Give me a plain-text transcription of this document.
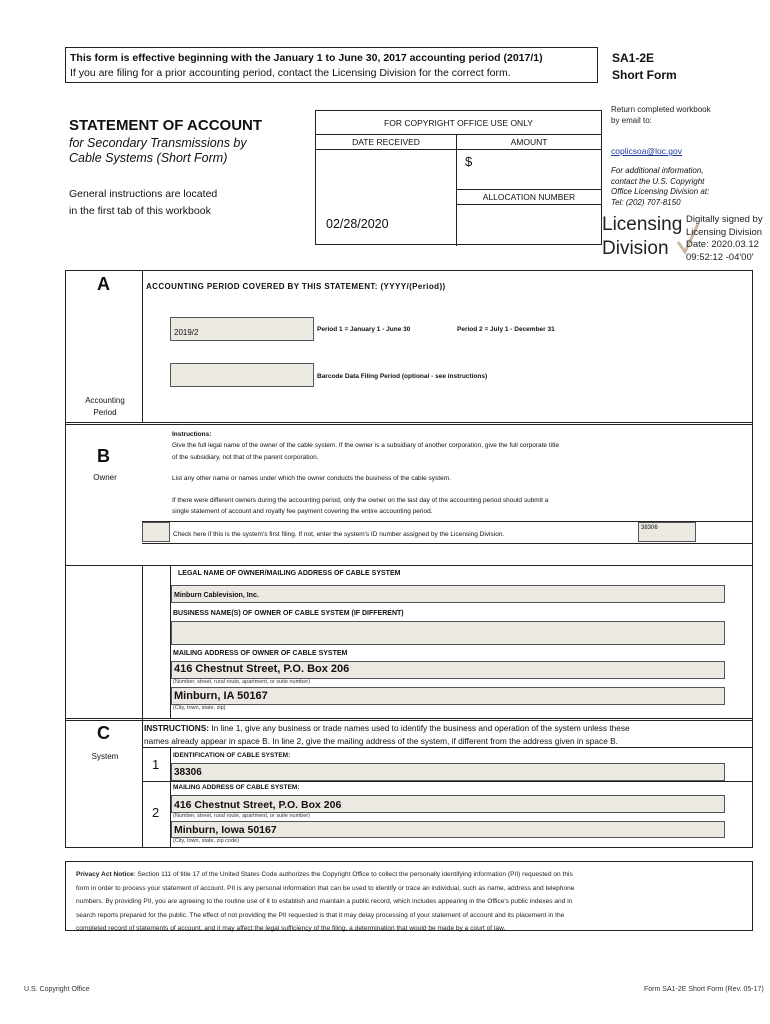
This form is effective beginning with the January 1 to June 30, 2017 accounting period (2017/1)
If you are filing for a prior accounting period, contact the Licensing Division for the correct form.
SA1-2E
Short Form
STATEMENT OF ACCOUNT
for Secondary Transmissions by
Cable Systems (Short Form)
General instructions are located
in the first tab of this workbook
FOR COPYRIGHT OFFICE USE ONLY
DATE RECEIVED
02/28/2020
AMOUNT
$
ALLOCATION NUMBER
Return completed workbook
by email to:
coplicsoa@loc.gov
For additional information,
contact the U.S. Copyright
Office Licensing Division at:
Tel: (202) 707-8150
Licensing
Division
Digitally signed by
Licensing Division
Date: 2020.03.12
09:52:12 -04'00'
A
Accounting
Period
ACCOUNTING PERIOD COVERED BY THIS STATEMENT: (YYYY/(Period))
2019/2	Period 1 = January 1 - June 30	Period 2 = July 1 - December 31
Barcode Data Filing Period (optional - see instructions)
B
Owner
Instructions:
Give the full legal name of the owner of the cable system. If the owner is a subsidiary of another corporation, give the full corporate title
of the subsidiary, not that of the parent corporation.
List any other name or names under which the owner conducts the business of the cable system.
If there were different owners during the accounting period, only the owner on the last day of the accounting period should submit a
single statement of account and royalty fee payment covering the entire accounting period.
Check here if this is the system's first filing. If not, enter the system's ID number assigned by the Licensing Division.
38306
LEGAL NAME OF OWNER/MAILING ADDRESS OF CABLE SYSTEM
Minburn Cablevision, Inc.
BUSINESS NAME(S) OF OWNER OF CABLE SYSTEM (IF DIFFERENT)
MAILING ADDRESS OF OWNER OF CABLE SYSTEM
416 Chestnut Street, P.O. Box 206
(Number, street, rural route, apartment, or suite number)
Minburn, IA 50167
(City, town, state, zip)
C
System
INSTRUCTIONS: In line 1, give any business or trade names used to identify the business and operation of the system unless these
names already appear in space B. In line 2, give the mailing address of the system, if different from the address given in space B.
1
IDENTIFICATION OF CABLE SYSTEM:
38306
2
MAILING ADDRESS OF CABLE SYSTEM:
416 Chestnut Street, P.O. Box 206
(Number, street, rural route, apartment, or suite number)
Minburn, Iowa 50167
(City, town, state, zip code)
Privacy Act Notice: Section 111 of title 17 of the United States Code authorizes the Copyright Office to collect the personally identifying information (PII) requested on this
form in order to process your statement of account. PII is any personal information that can be used to identify or trace an individual, such as name, address and telephone
numbers. By providing PII, you are agreeing to the routine use of it to establish and maintain a public record, which includes appearing in the Office's public indexes and in
search reports prepared for the public. The effect of not providing the PII requested is that it may delay processing of your statement of account and its placement in the
completed record of statements of account, and it may affect the legal sufficiency of the filing, a determination that would be made by a court of law.
U.S. Copyright Office	Form SA1-2E Short Form (Rev. 05-17)
